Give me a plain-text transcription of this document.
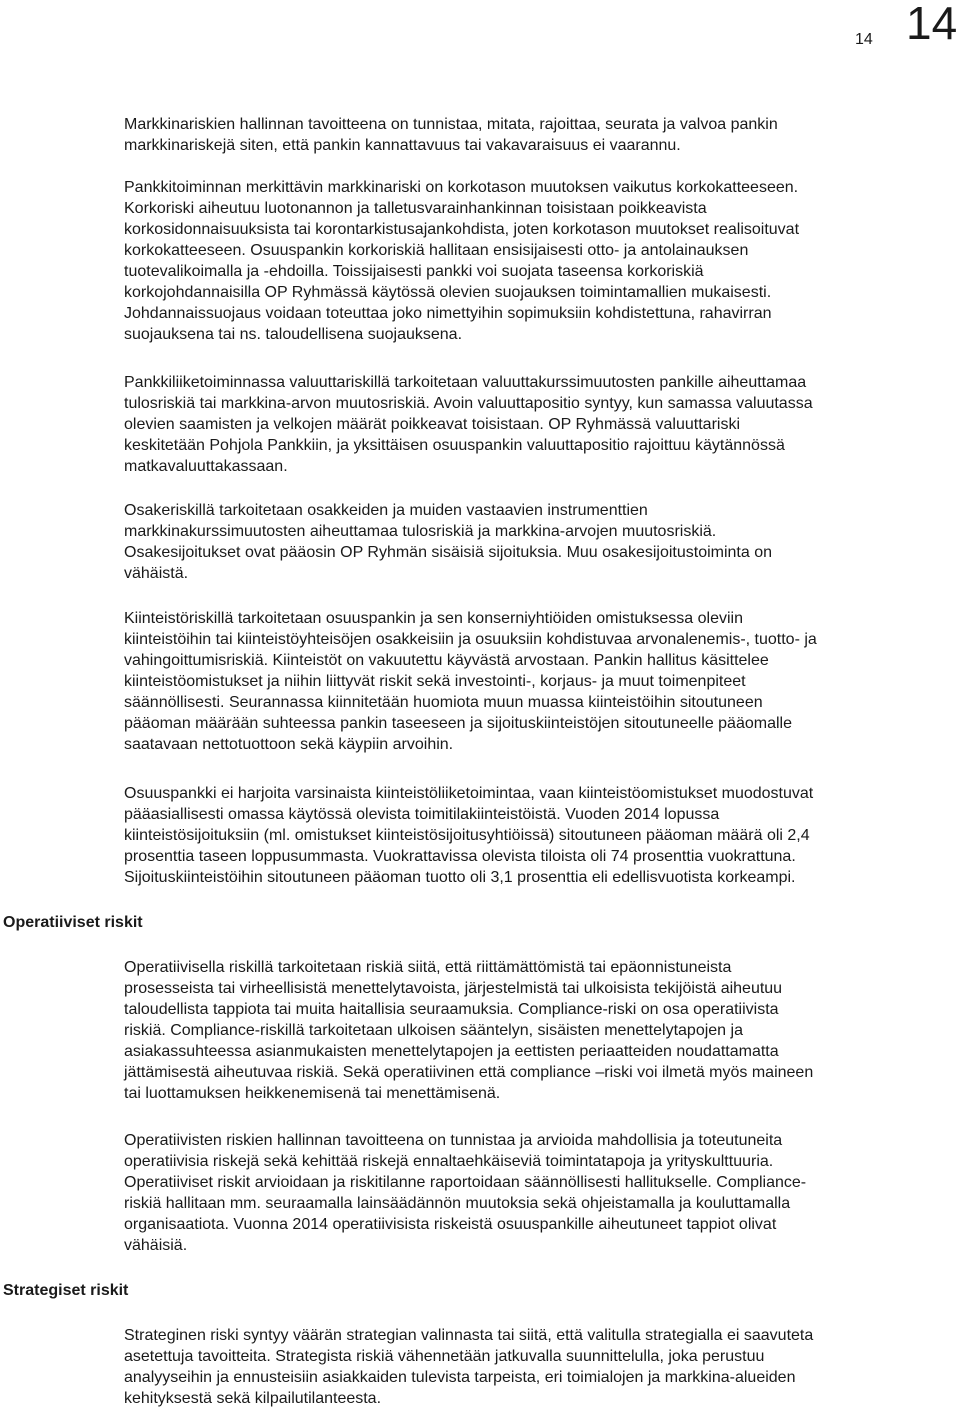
14 14
Operatiiviset riskit
Strategiset riskit
Markkinariskien hallinnan tavoitteena on tunnistaa, mitata, rajoittaa, seurata ja valvoa pankin
markkinariskejä siten, että pankin kannattavuus tai vakavaraisuus ei vaarannu.
Pankkitoiminnan merkittävin markkinariski on korkotason muutoksen vaikutus korkokatteeseen.
Korkoriski aiheutuu luotonannon ja talletusvarainhankinnan toisistaan poikkeavista
korkosidonnaisuuksista tai korontarkistusajankohdista, joten korkotason muutokset realisoituvat
korkokatteeseen. Osuuspankin korkoriskiä hallitaan ensisijaisesti otto- ja antolainauksen
tuotevalikoimalla ja -ehdoilla. Toissijaisesti pankki voi suojata taseensa korkoriskiä
korkojohdannaisilla OP Ryhmässä käytössä olevien suojauksen toimintamallien mukaisesti.
Johdannaissuojaus voidaan toteuttaa joko nimettyihin sopimuksiin kohdistettuna, rahavirran
suojauksena tai ns. taloudellisena suojauksena.
Pankkiliiketoiminnassa valuuttariskillä tarkoitetaan valuuttakurssimuutosten pankille aiheuttamaa
tulosriskiä tai markkina-arvon muutosriskiä. Avoin valuuttapositio syntyy, kun samassa valuutassa
olevien saamisten ja velkojen määrät poikkeavat toisistaan. OP Ryhmässä valuuttariski
keskitetään Pohjola Pankkiin, ja yksittäisen osuuspankin valuuttapositio rajoittuu käytännössä
matkavaluuttakassaan.
Osakeriskillä tarkoitetaan osakkeiden ja muiden vastaavien instrumenttien
markkinakurssimuutosten aiheuttamaa tulosriskiä ja markkina-arvojen muutosriskiä.
Osakesijoitukset ovat pääosin OP Ryhmän sisäisiä sijoituksia. Muu osakesijoitustoiminta on
vähäistä.
Kiinteistöriskillä tarkoitetaan osuuspankin ja sen konserniyhtiöiden omistuksessa oleviin
kiinteistöihin tai kiinteistöyhteisöjen osakkeisiin ja osuuksiin kohdistuvaa arvonalenemis-, tuotto- ja
vahingoittumisriskiä. Kiinteistöt on vakuutettu käyvästä arvostaan. Pankin hallitus käsittelee
kiinteistöomistukset ja niihin liittyvät riskit sekä investointi-, korjaus- ja muut toimenpiteet
säännöllisesti. Seurannassa kiinnitetään huomiota muun muassa kiinteistöihin sitoutuneen
pääoman määrään suhteessa pankin taseeseen ja sijoituskiinteistöjen sitoutuneelle pääomalle
saatavaan nettotuottoon sekä käypiin arvoihin.
Osuuspankki ei harjoita varsinaista kiinteistöliiketoimintaa, vaan kiinteistöomistukset muodostuvat
pääasiallisesti omassa käytössä olevista toimitilakiinteistöistä. Vuoden 2014 lopussa
kiinteistösijoituksiin (ml. omistukset kiinteistösijoitusyhtiöissä) sitoutuneen pääoman määrä oli 2,4
prosenttia taseen loppusummasta. Vuokrattavissa olevista tiloista oli 74 prosenttia vuokrattuna.
Sijoituskiinteistöihin sitoutuneen pääoman tuotto oli 3,1 prosenttia eli edellisvuotista korkeampi.
Operatiivisella riskillä tarkoitetaan riskiä siitä, että riittämättömistä tai epäonnistuneista
prosesseista tai virheellisistä menettelytavoista, järjestelmistä tai ulkoisista tekijöistä aiheutuu
taloudellista tappiota tai muita haitallisia seuraamuksia. Compliance-riski on osa operatiivista
riskiä. Compliance-riskillä tarkoitetaan ulkoisen sääntelyn, sisäisten menettelytapojen ja
asiakassuhteessa asianmukaisten menettelytapojen ja eettisten periaatteiden noudattamatta
jättämisestä aiheutuvaa riskiä. Sekä operatiivinen että compliance –riski voi ilmetä myös maineen
tai luottamuksen heikkenemisenä tai menettämisenä.
Operatiivisten riskien hallinnan tavoitteena on tunnistaa ja arvioida mahdollisia ja toteutuneita
operatiivisia riskejä sekä kehittää riskejä ennaltaehkäiseviä toimintatapoja ja yrityskulttuuria.
Operatiiviset riskit arvioidaan ja riskitilanne raportoidaan säännöllisesti hallitukselle. Compliance-
riskiä hallitaan mm. seuraamalla lainsäädännön muutoksia sekä ohjeistamalla ja kouluttamalla
organisaatiota. Vuonna 2014 operatiivisista riskeistä osuuspankille aiheutuneet tappiot olivat
vähäisiä.
Strateginen riski syntyy väärän strategian valinnasta tai siitä, että valitulla strategialla ei saavuteta
asetettuja tavoitteita. Strategista riskiä vähennetään jatkuvalla suunnittelulla, joka perustuu
analyyseihin ja ennusteisiin asiakkaiden tulevista tarpeista, eri toimialojen ja markkina-alueiden
kehityksestä sekä kilpailutilanteesta.
